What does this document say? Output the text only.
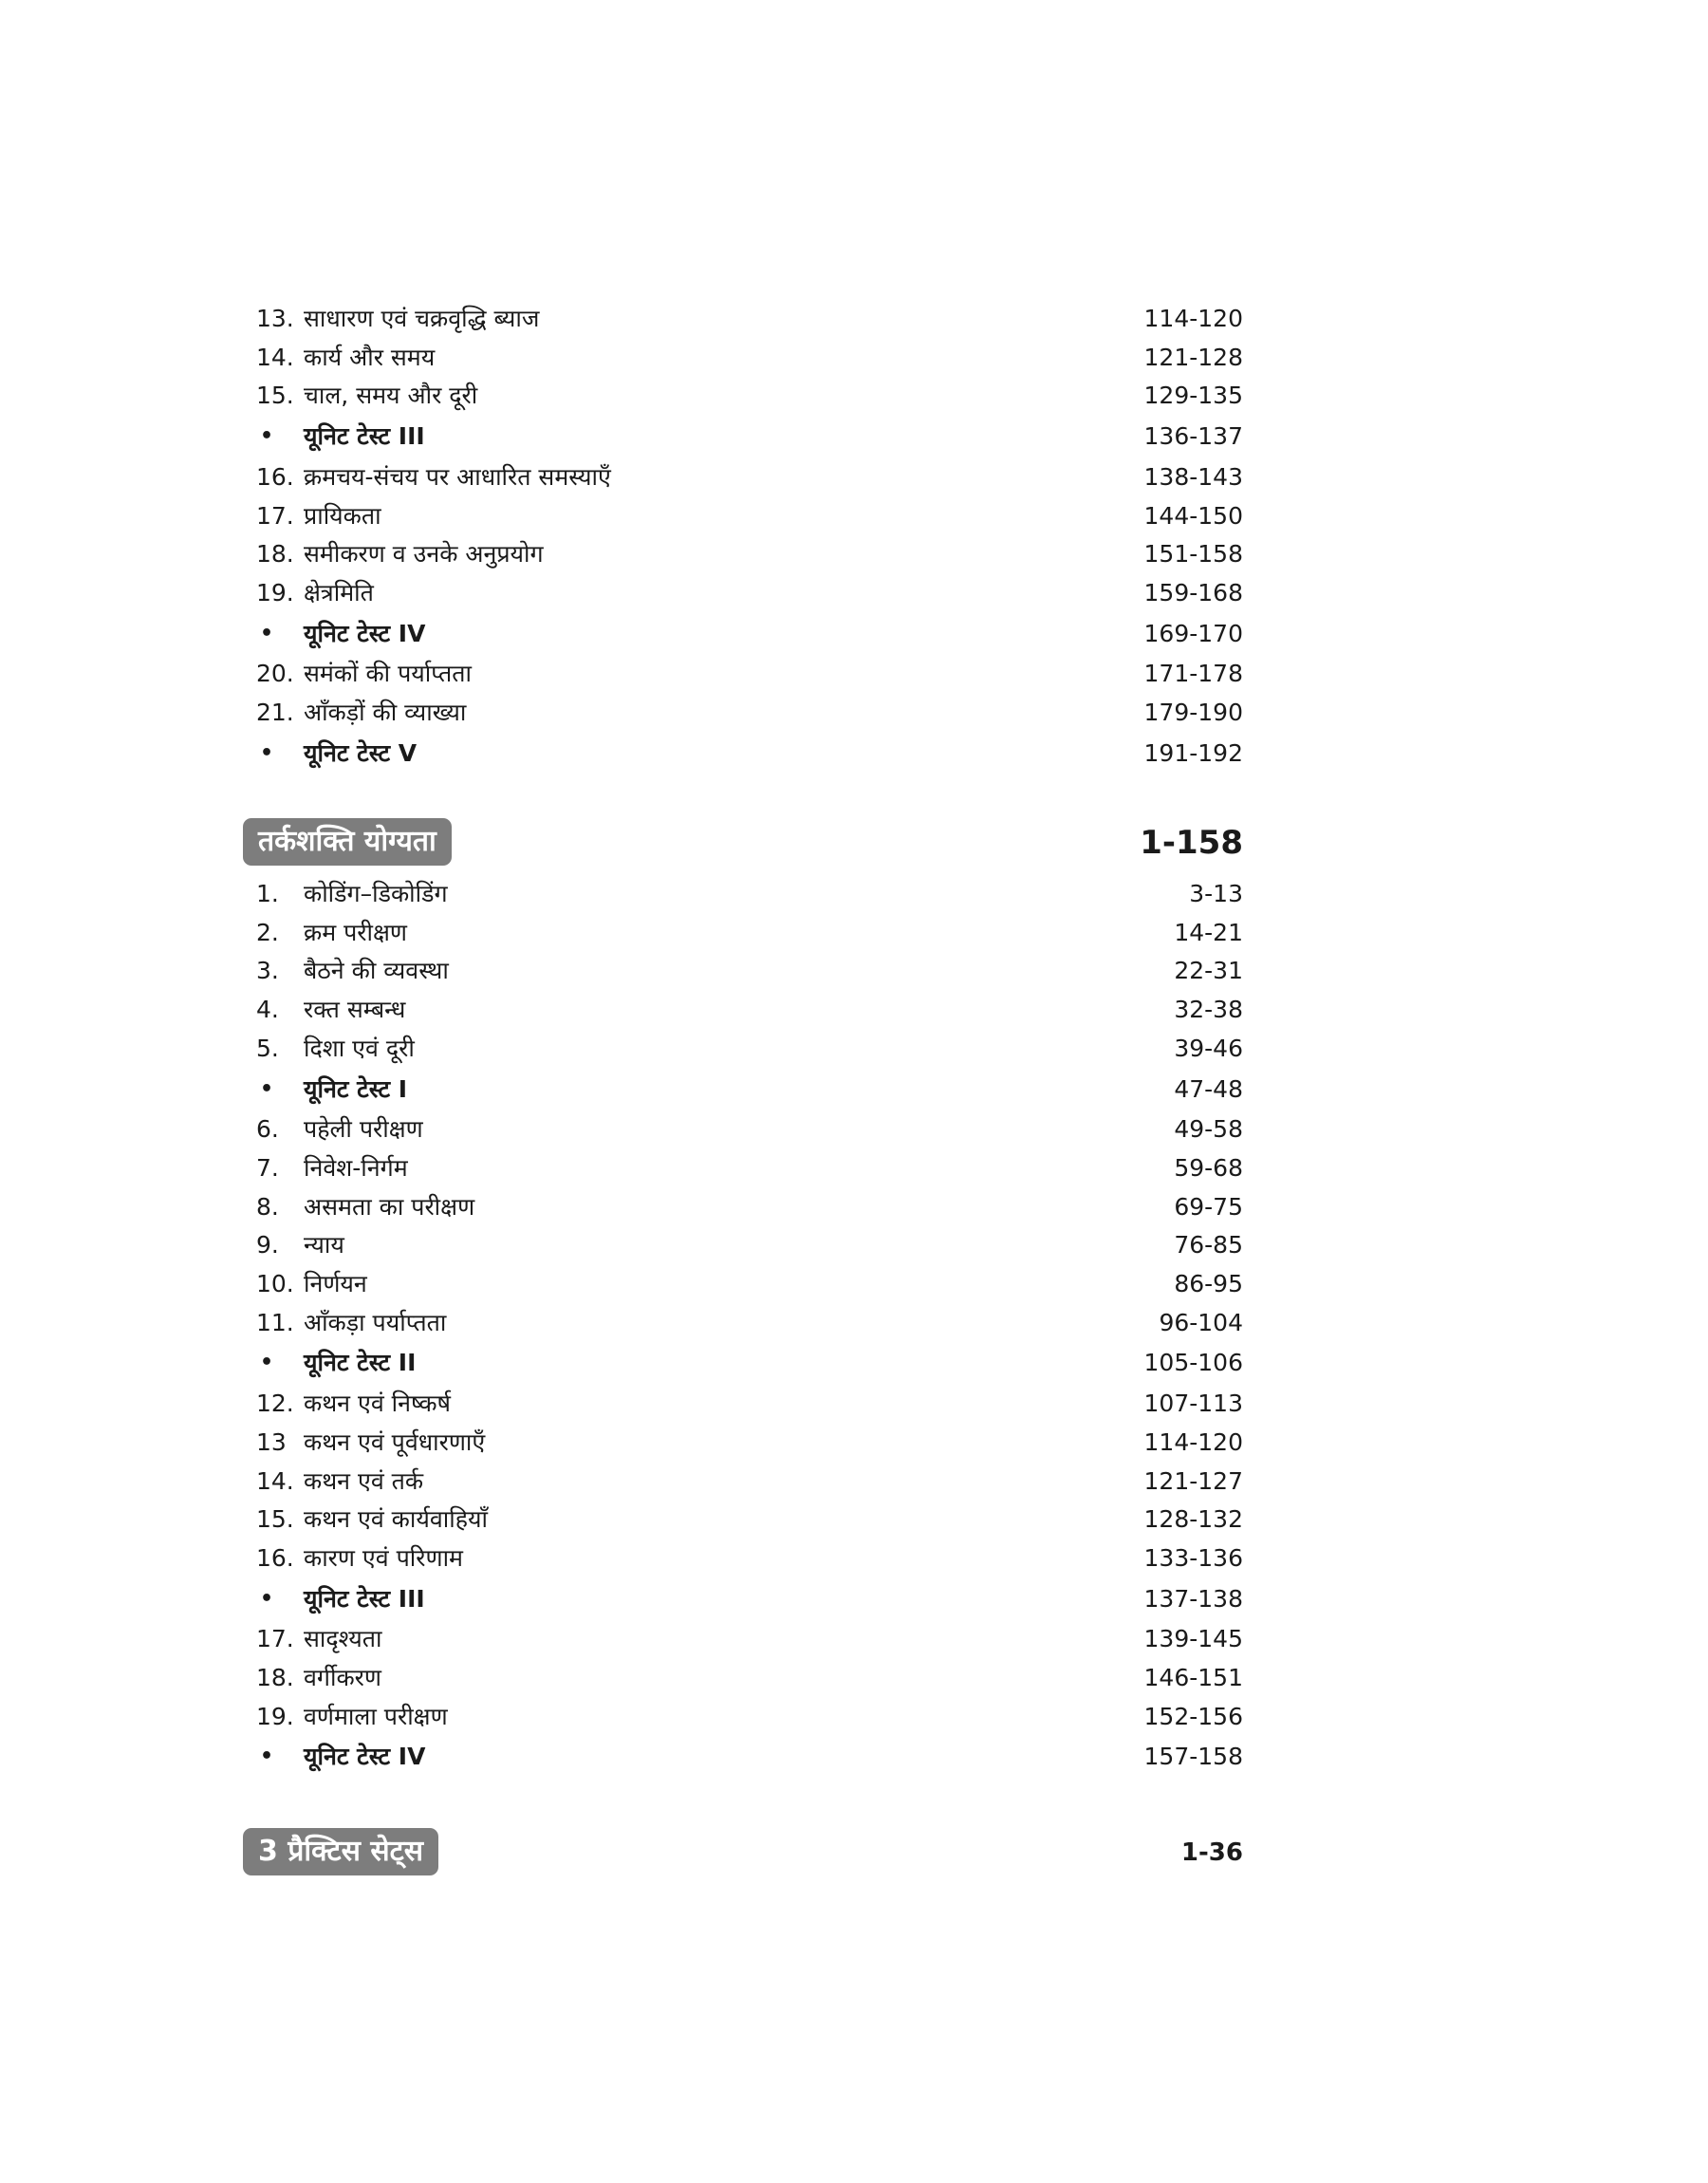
13. साधारण एवं चक्रवृद्धि ब्याज	114-120
14. कार्य और समय	121-128
15. चाल, समय और दूरी	129-135
• यूनिट टेस्ट III	136-137
16. क्रमचय-संचय पर आधारित समस्याएँ	138-143
17. प्रायिकता	144-150
18. समीकरण व उनके अनुप्रयोग	151-158
19. क्षेत्रमिति	159-168
• यूनिट टेस्ट IV	169-170
20. समंकों की पर्याप्तता	171-178
21. आँकड़ों की व्याख्या	179-190
• यूनिट टेस्ट V	191-192
तर्कशक्ति योग्यता	1-158
1.	कोडिंग–डिकोडिंग	3-13
2.	क्रम परीक्षण	14-21
3.	बैठने की व्यवस्था	22-31
4.	रक्त सम्बन्ध	32-38
5.	दिशा एवं दूरी	39-46
• यूनिट टेस्ट I	47-48
6.	पहेली परीक्षण	49-58
7.	निवेश-निर्गम	59-68
8.	असमता का परीक्षण	69-75
9.	न्याय	76-85
10. निर्णयन	86-95
11. आँकड़ा पर्याप्तता	96-104
• यूनिट टेस्ट II	105-106
12. कथन एवं निष्कर्ष	107-113
13 कथन एवं पूर्वधारणाएँ	114-120
14. कथन एवं तर्क	121-127
15. कथन एवं कार्यवाहियाँ	128-132
16. कारण एवं परिणाम	133-136
• यूनिट टेस्ट III	137-138
17. सादृश्यता	139-145
18. वर्गीकरण	146-151
19. वर्णमाला परीक्षण	152-156
• यूनिट टेस्ट IV	157-158
3 प्रैक्टिस सेट्स	1-36
